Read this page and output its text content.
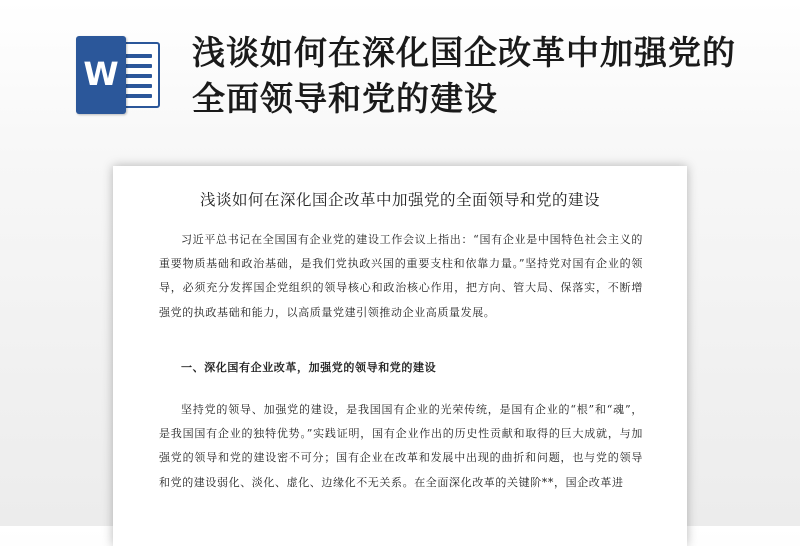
W
浅谈如何在深化国企改革中加强党的全面领导和党的建设
浅谈如何在深化国企改革中加强党的全面领导和党的建设

习近平总书记在全国国有企业党的建设工作会议上指出：“国有企业是中国特色社会主义的重要物质基础和政治基础，是我们党执政兴国的重要支柱和依靠力量。”坚持党对国有企业的领导，必须充分发挥国企党组织的领导核心和政治核心作用，把方向、管大局、保落实，不断增强党的执政基础和能力，以高质量党建引领推动企业高质量发展。

一、深化国有企业改革，加强党的领导和党的建设

坚持党的领导、加强党的建设，是我国国有企业的光荣传统，是国有企业的“根”和“魂”，是我国国有企业的独特优势。”实践证明，国有企业作出的历史性贡献和取得的巨大成就，与加强党的领导和党的建设密不可分；国有企业在改革和发展中出现的曲折和问题，也与党的领导和党的建设弱化、淡化、虚化、边缘化不无关系。在全面深化改革的关键阶**，国企改革进
